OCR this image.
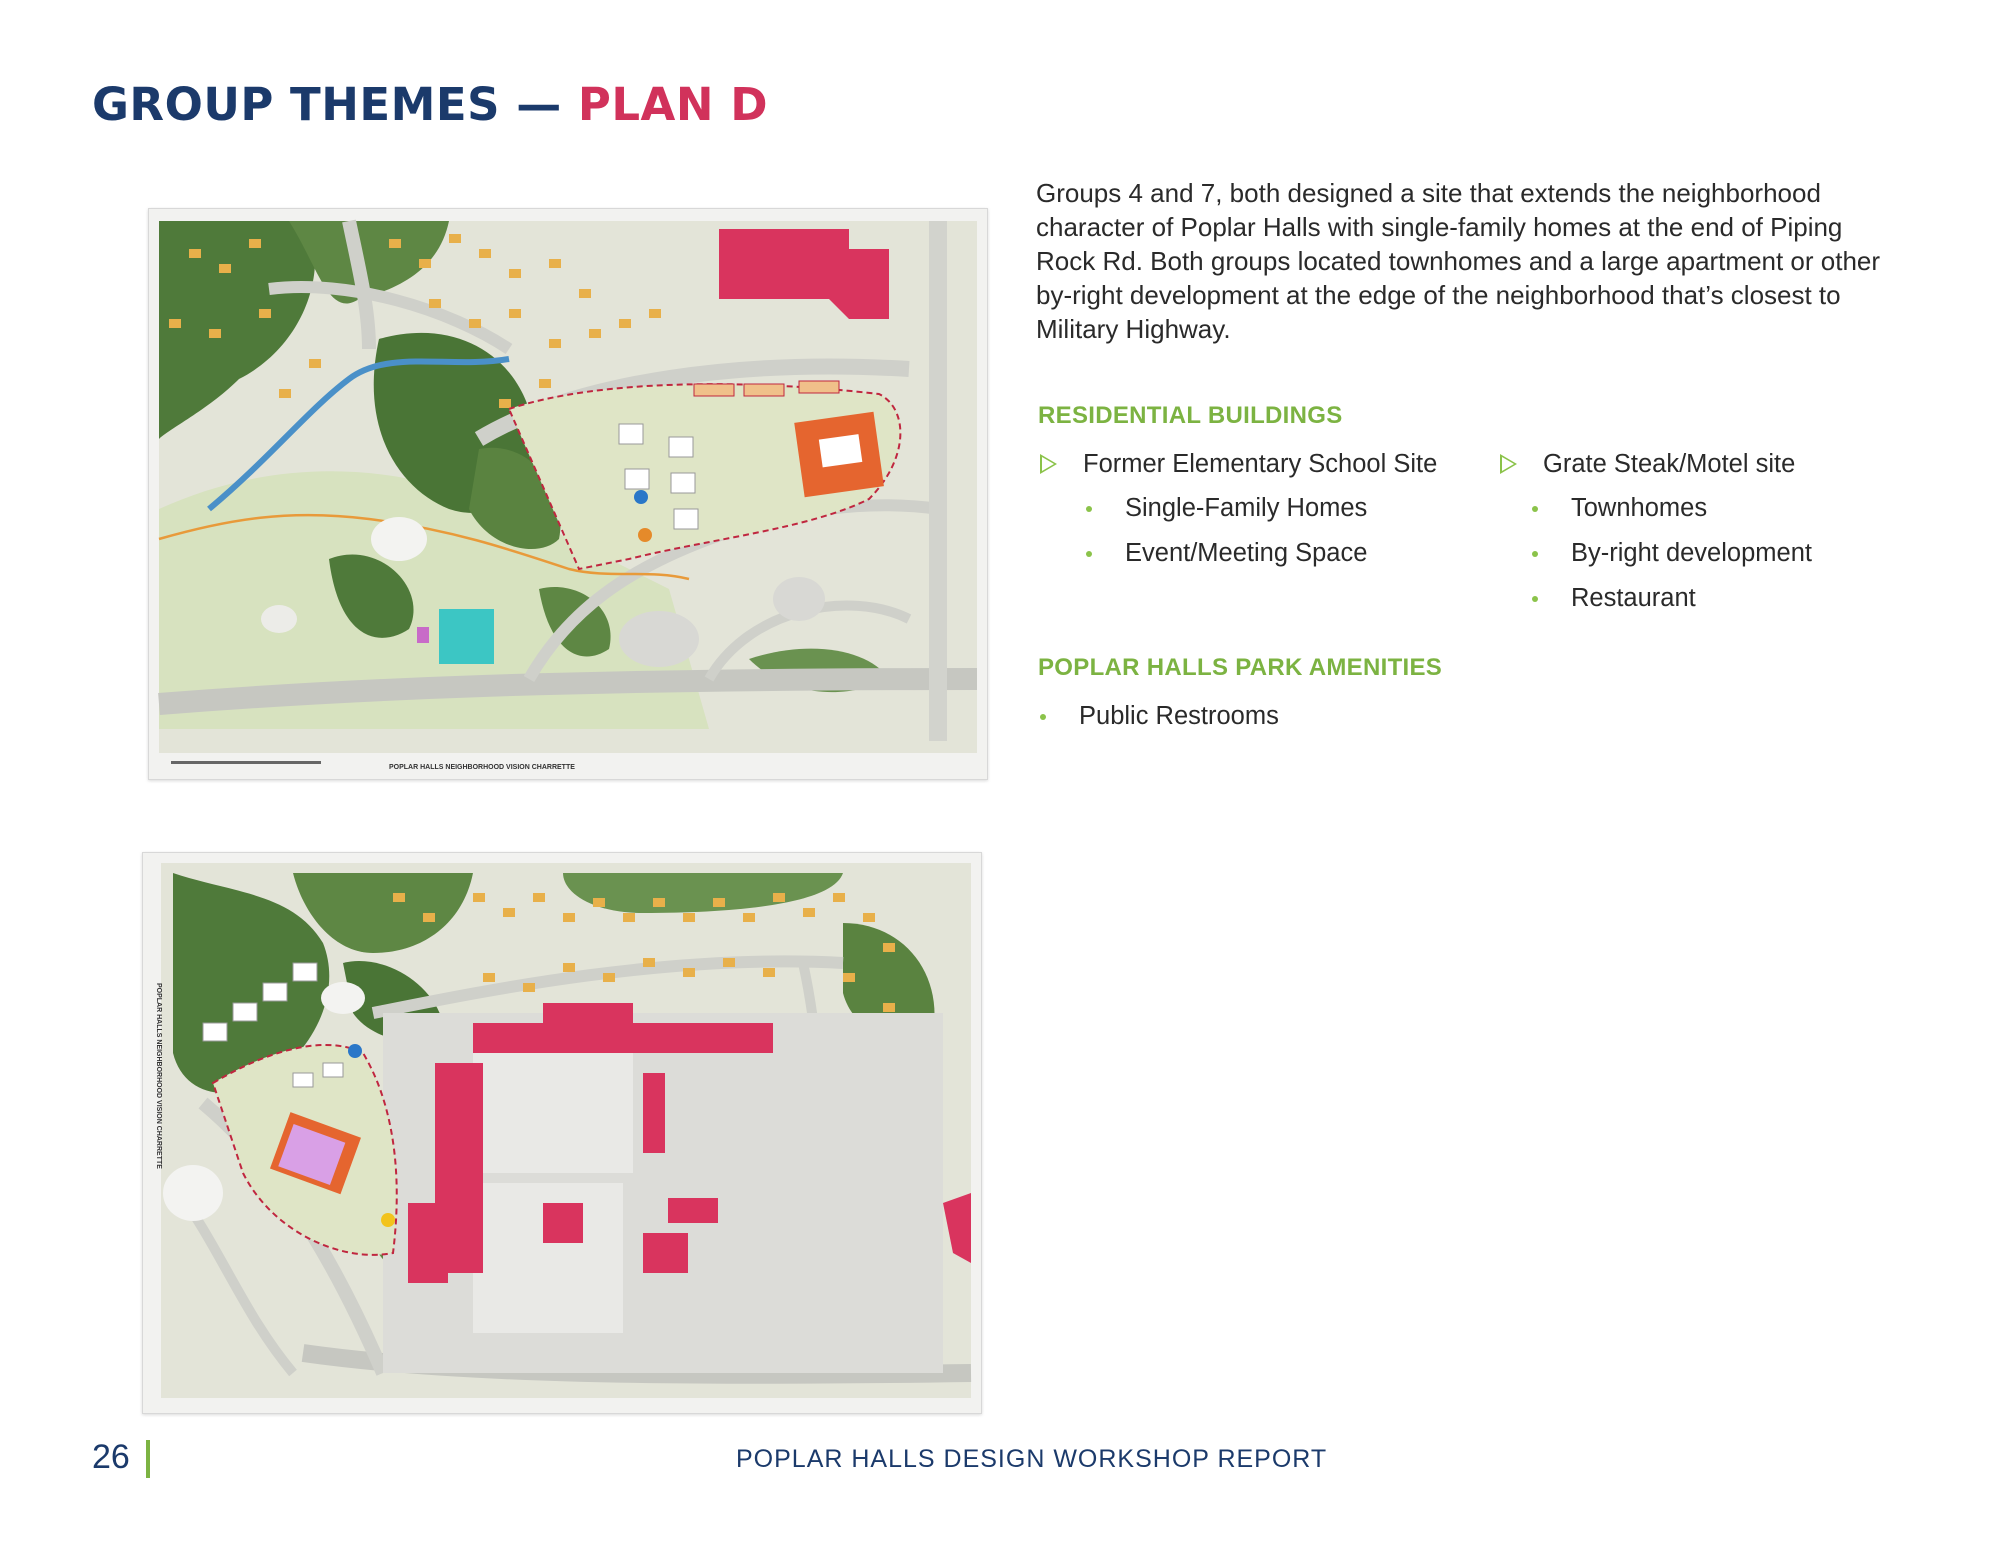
GROUP THEMES — PLAN D
POPLAR HALLS NEIGHBORHOOD VISION CHARRETTE
POPLAR HALLS NEIGHBORHOOD VISION CHARRETTE
Groups 4 and 7, both designed a site that extends the neighborhood character of Poplar Halls with single-family homes at the end of Piping Rock Rd. Both groups located townhomes and a large apartment or other by-right development at the edge of the neighborhood that’s closest to Military Highway.
RESIDENTIAL BUILDINGS
Former Elementary School Site
Single-Family Homes
Event/Meeting Space
Grate Steak/Motel site
Townhomes
By-right development
Restaurant
POPLAR HALLS PARK AMENITIES
Public Restrooms
26	POPLAR HALLS DESIGN WORKSHOP REPORT
